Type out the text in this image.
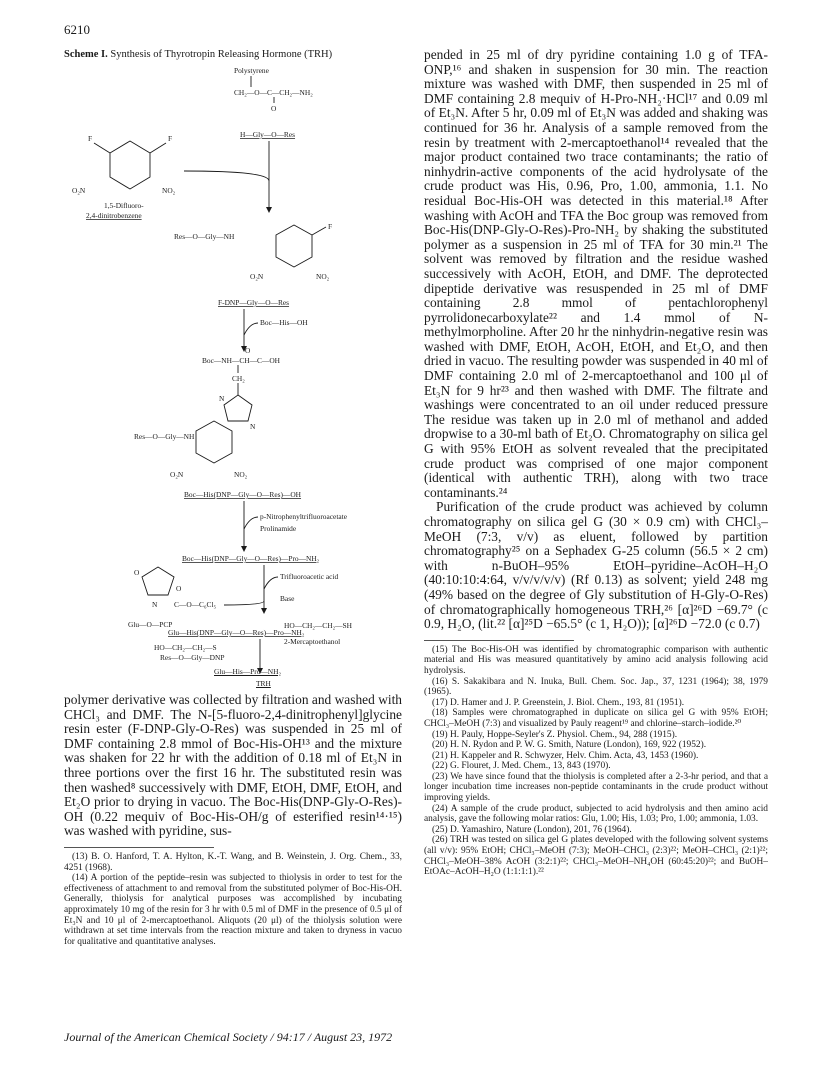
6210
Scheme I. Synthesis of Thyrotropin Releasing Hormone (TRH)
Polystyrene
CH₂—O—C—CH₂—NH₂
O
H—Gly—O—Res
F	F
O₂N	NO₂
1,5-Difluoro-
2,4-dinitrobenzene
Res—O—Gly—NH
F
O₂N	NO₂
F-DNP—Gly—O—Res
Boc—His—OH
O
Boc—NH—CH—C—OH
CH₂
N
N
Res—O—Gly—NH
O₂N	NO₂
Boc—His(DNP—Gly—O—Res)—OH
p-Nitrophenyltrifluoroacetate
Prolinamide
Boc—His(DNP—Gly—O—Res)—Pro—NH₂
Trifluoroacetic acid
Base
O
N C—O—C₆Cl₅
O
Glu—O—PCP
Glu—His(DNP—Gly—O—Res)—Pro—NH₂
HO—CH₂—CH₂—SH
2-Mercaptoethanol
HO—CH₂—CH₂—S
Res—O—Gly—DNP
Glu—His—Pro—NH₂
TRH

polymer derivative was collected by filtration and washed with CHCl₃ and DMF. The N-[5-fluoro-2,4-dinitrophenyl]glycine resin ester (F-DNP-Gly-O-Res) was suspended in 25 ml of DMF containing 2.8 mmol of Boc-His-OH¹³ and the mixture was shaken for 22 hr with the addition of 0.18 ml of Et₃N in three portions over the first 16 hr. The substituted resin was then washed⁸ successively with DMF, EtOH, DMF, EtOH, and Et₂O prior to drying in vacuo. The Boc-His(DNP-Gly-O-Res)-OH (0.22 mequiv of Boc-His-OH/g of esterified resin¹⁴·¹⁵) was washed with pyridine, sus-

(13) B. O. Hanford, T. A. Hylton, K.-T. Wang, and B. Weinstein, J. Org. Chem., 33, 4251 (1968).
(14) A portion of the peptide–resin was subjected to thiolysis in order to test for the effectiveness of attachment to and removal from the substituted polymer of Boc-His-OH. Generally, thiolysis for analytical purposes was accomplished by incubating approximately 10 mg of the resin for 3 hr with 0.5 ml of DMF in the presence of 0.5 μl of Et₃N and 10 μl of 2-mercaptoethanol. Aliquots (20 μl) of the thiolysis solution were withdrawn at set time intervals from the reaction mixture and taken to dryness in vacuo for qualitative and quantitative analyses.

pended in 25 ml of dry pyridine containing 1.0 g of TFA-ONP,¹⁶ and shaken in suspension for 30 min. The reaction mixture was washed with DMF, then suspended in 25 ml of DMF containing 2.8 mequiv of H-Pro-NH₂·HCl¹⁷ and 0.09 ml of Et₃N. After 5 hr, 0.09 ml of Et₃N was added and shaking was continued for 36 hr. Analysis of a sample removed from the resin by treatment with 2-mercaptoethanol¹⁴ revealed that the major product contained two trace contaminants; the ratio of ninhydrin-active components of the acid hydrolysate of the crude product was His, 0.96, Pro, 1.00, ammonia, 1.1. No residual Boc-His-OH was detected in this material.¹⁸ After washing with AcOH and TFA the Boc group was removed from Boc-His(DNP-Gly-O-Res)-Pro-NH₂ by shaking the substituted polymer as a suspension in 25 ml of TFA for 30 min.²¹ The solvent was removed by filtration and the residue washed successively with AcOH, EtOH, and DMF. The deprotected dipeptide derivative was resuspended in 25 ml of DMF containing 2.8 mmol of pentachlorophenyl pyrrolidonecarboxylate²² and 1.4 mmol of N-methylmorpholine. After 20 hr the ninhydrin-negative resin was washed with DMF, EtOH, AcOH, EtOH, and Et₂O, and then dried in vacuo. The resulting powder was suspended in 40 ml of DMF containing 2.0 ml of 2-mercaptoethanol and 100 μl of Et₃N for 9 hr²³ and then washed with DMF. The filtrate and washings were concentrated to an oil under reduced pressure The residue was taken up in 2.0 ml of methanol and added dropwise to a 30-ml bath of Et₂O. Chromatography on silica gel G with 95% EtOH as solvent revealed that the precipitated crude product was comprised of one major component (identical with authentic TRH), along with two trace contaminants.²⁴

Purification of the crude product was achieved by column chromatography on silica gel G (30 × 0.9 cm) with CHCl₃–MeOH (7:3, v/v) as eluent, followed by partition chromatography²⁵ on a Sephadex G-25 column (56.5 × 2 cm) with n-BuOH–95% EtOH–pyridine–AcOH–H₂O (40:10:10:4:64, v/v/v/v/v) (Rf 0.13) as solvent; yield 248 mg (49% based on the degree of Gly substitution of H-Gly-O-Res) of chromatographically homogeneous TRH,²⁶ [α]²⁶D −69.7° (c 0.9, H₂O, (lit.²² [α]²⁵D −65.5° (c 1, H₂O)); [α]²⁶D −72.0 (c 0.7)

(15) The Boc-His-OH was identified by chromatographic comparison with authentic material and His was measured quantitatively by amino acid analysis following acid hydrolysis.
(16) S. Sakakibara and N. Inuka, Bull. Chem. Soc. Jap., 37, 1231 (1964); 38, 1979 (1965).
(17) D. Hamer and J. P. Greenstein, J. Biol. Chem., 193, 81 (1951).
(18) Samples were chromatographed in duplicate on silica gel G with 95% EtOH; CHCl₃–MeOH (7:3) and visualized by Pauly reagent¹⁹ and chlorine–starch–iodide.²⁰
(19) H. Pauly, Hoppe-Seyler's Z. Physiol. Chem., 94, 288 (1915).
(20) H. N. Rydon and P. W. G. Smith, Nature (London), 169, 922 (1952).
(21) H. Kappeler and R. Schwyzer, Helv. Chim. Acta, 43, 1453 (1960).
(22) G. Flouret, J. Med. Chem., 13, 843 (1970).
(23) We have since found that the thiolysis is completed after a 2-3-hr period, and that a longer incubation time increases non-peptide contaminants in the crude product without improving yields.
(24) A sample of the crude product, subjected to acid hydrolysis and then amino acid analysis, gave the following molar ratios: Glu, 1.00; His, 1.03; Pro, 1.00; ammonia, 1.03.
(25) D. Yamashiro, Nature (London), 201, 76 (1964).
(26) TRH was tested on silica gel G plates developed with the following solvent systems (all v/v): 95% EtOH; CHCl₃–MeOH (7:3); MeOH–CHCl₃ (2:3)²²; MeOH–CHCl₃ (2:1)²²; CHCl₃–MeOH–38% AcOH (3:2:1)²²; CHCl₃–MeOH–NH₄OH (60:45:20)²²; and BuOH–EtOAc–AcOH–H₂O (1:1:1:1).²²
Journal of the American Chemical Society / 94:17 / August 23, 1972
